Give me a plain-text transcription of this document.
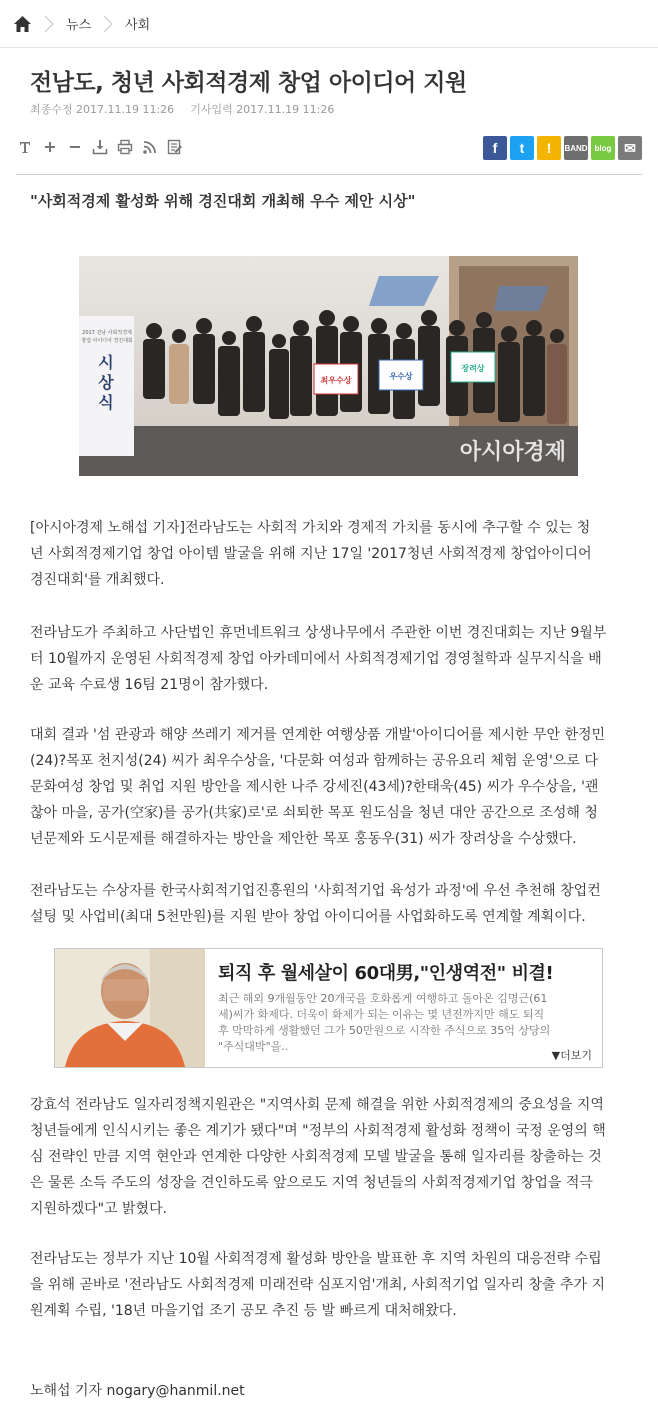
뉴스	사회
전남도, 청년 사회적경제 창업 아이디어 지원
최종수정 2017.11.19 11:26 기사입력 2017.11.19 11:26
f	t	!	BAND blog ✉
"사회적경제 활성화 위해 경진대회 개최해 우수 제안 시상"
시
상
식
2017 전남 사회적경제
창업 아이디어 경진대회
최우수상	우수상
장려상
아시아경제
[아시아경제 노해섭 기자]전라남도는 사회적 가치와 경제적 가치를 동시에 추구할 수 있는 청
년 사회적경제기업 창업 아이템 발굴을 위해 지난 17일 '2017청년 사회적경제 창업아이디어
경진대회'를 개최했다.
전라남도가 주최하고 사단법인 휴먼네트워크 상생나무에서 주관한 이번 경진대회는 지난 9월부
터 10월까지 운영된 사회적경제 창업 아카데미에서 사회적경제기업 경영철학과 실무지식을 배
운 교육 수료생 16팀 21명이 참가했다.
대회 결과 '섬 관광과 해양 쓰레기 제거를 연계한 여행상품 개발'아이디어를 제시한 무안 한정민
(24)?목포 천지성(24) 씨가 최우수상을, '다문화 여성과 함께하는 공유요리 체험 운영'으로 다
문화여성 창업 및 취업 지원 방안을 제시한 나주 강세진(43세)?한태욱(45) 씨가 우수상을, '괜
찮아 마을, 공가(空家)를 공가(共家)로'로 쇠퇴한 목포 원도심을 청년 대안 공간으로 조성해 청
년문제와 도시문제를 해결하자는 방안을 제안한 목포 홍동우(31) 씨가 장려상을 수상했다.
전라남도는 수상자를 한국사회적기업진흥원의 '사회적기업 육성가 과정'에 우선 추천해 창업컨
설팅 및 사업비(최대 5천만원)를 지원 받아 창업 아이디어를 사업화하도록 연계할 계획이다.
퇴직 후 월세살이 60대男,"인생역전" 비결!
최근 해외 9개월동안 20개국을 호화롭게 여행하고 돌아온 김명근(61
세)씨가 화제다. 더욱이 화제가 되는 이유는 몇 년전까지만 해도 퇴직
후 막막하게 생활했던 그가 50만원으로 시작한 주식으로 35억 상당의
"주식대박"을..
▼더보기
강효석 전라남도 일자리정책지원관은 "지역사회 문제 해결을 위한 사회적경제의 중요성을 지역
청년들에게 인식시키는 좋은 계기가 됐다"며 "정부의 사회적경제 활성화 정책이 국정 운영의 핵
심 전략인 만큼 지역 현안과 연계한 다양한 사회적경제 모델 발굴을 통해 일자리를 창출하는 것
은 물론 소득 주도의 성장을 견인하도록 앞으로도 지역 청년들의 사회적경제기업 창업을 적극
지원하겠다"고 밝혔다.
전라남도는 정부가 지난 10월 사회적경제 활성화 방안을 발표한 후 지역 차원의 대응전략 수립
을 위해 곧바로 '전라남도 사회적경제 미래전략 심포지엄'개최, 사회적기업 일자리 창출 추가 지
원계획 수립, '18년 마을기업 조기 공모 추진 등 발 빠르게 대처해왔다.
노해섭 기자 nogary@hanmil.net
